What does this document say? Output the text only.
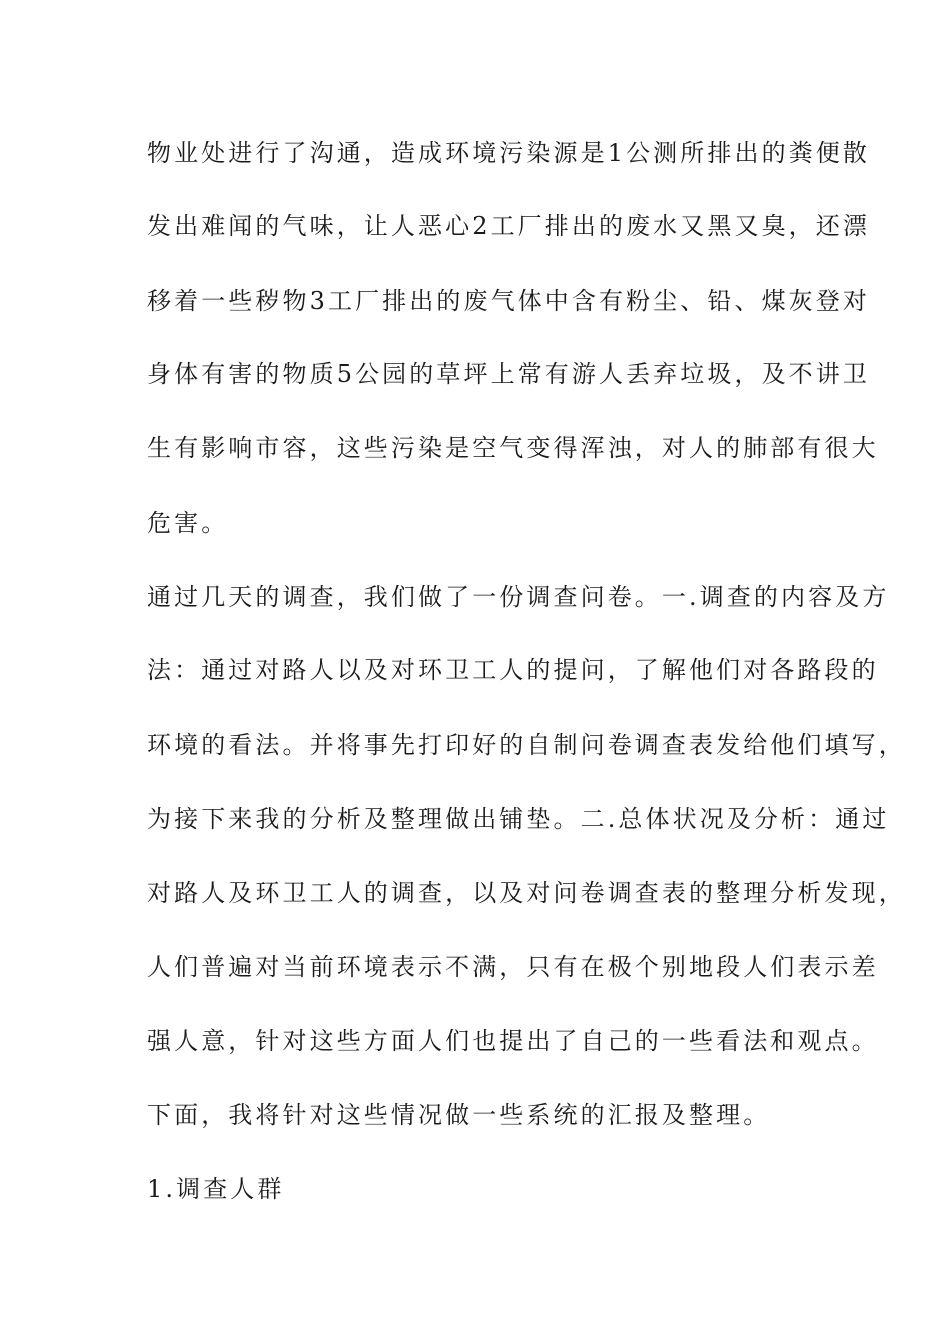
物业处进行了沟通，造成环境污染源是1公测所排出的粪便散
发出难闻的气味，让人恶心2工厂排出的废水又黑又臭，还漂
移着一些秽物3工厂排出的废气体中含有粉尘、铅、煤灰登对
身体有害的物质5公园的草坪上常有游人丢弃垃圾，及不讲卫
生有影响市容，这些污染是空气变得浑浊，对人的肺部有很大
危害。
通过几天的调查，我们做了一份调查问卷。一.调查的内容及方
法：通过对路人以及对环卫工人的提问，了解他们对各路段的
环境的看法。并将事先打印好的自制问卷调查表发给他们填写，
为接下来我的分析及整理做出铺垫。二.总体状况及分析：通过
对路人及环卫工人的调查，以及对问卷调查表的整理分析发现，
人们普遍对当前环境表示不满，只有在极个别地段人们表示差
强人意，针对这些方面人们也提出了自己的一些看法和观点。
下面，我将针对这些情况做一些系统的汇报及整理。
1.调查人群
